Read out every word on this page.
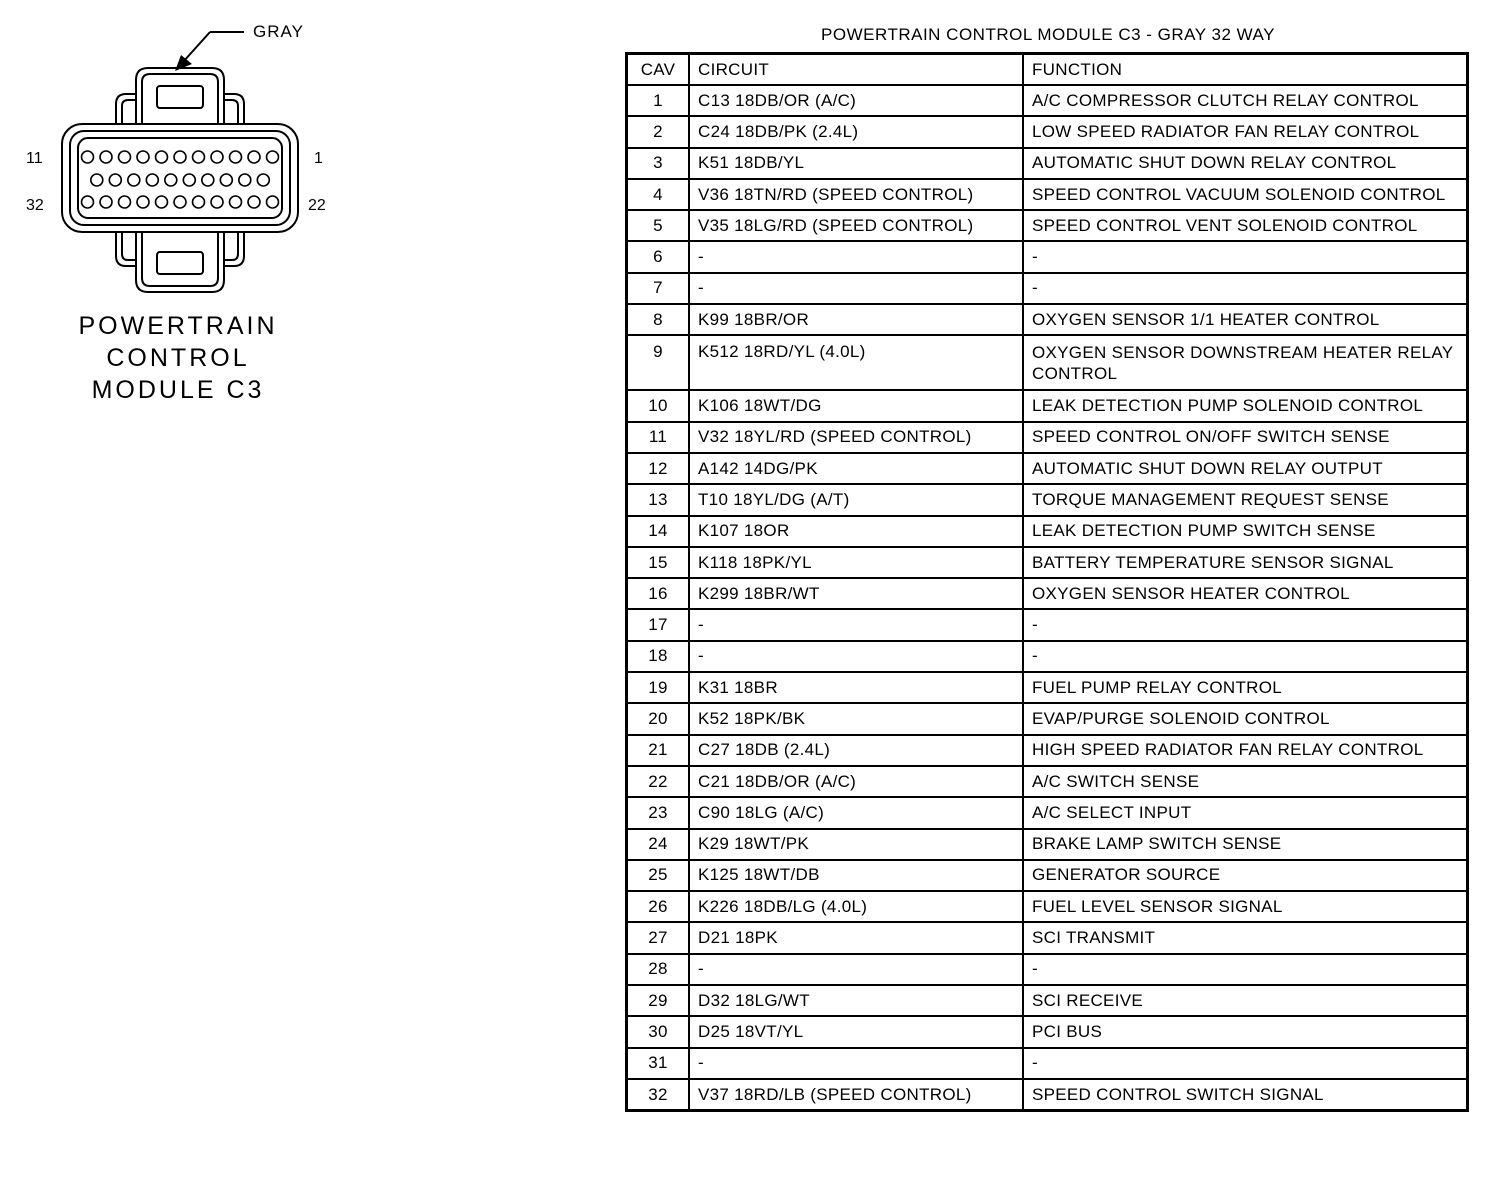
GRAY
11	1
32	22
POWERTRAIN
CONTROL
MODULE C3
POWERTRAIN CONTROL MODULE C3 - GRAY 32 WAY
CAV	CIRCUIT	FUNCTION
1	C13 18DB/OR (A/C)	A/C COMPRESSOR CLUTCH RELAY CONTROL
2	C24 18DB/PK (2.4L)	LOW SPEED RADIATOR FAN RELAY CONTROL
3	K51 18DB/YL	AUTOMATIC SHUT DOWN RELAY CONTROL
4	V36 18TN/RD (SPEED CONTROL)	SPEED CONTROL VACUUM SOLENOID CONTROL
5	V35 18LG/RD (SPEED CONTROL)	SPEED CONTROL VENT SOLENOID CONTROL
6	-	-
7	-	-
8	K99 18BR/OR	OXYGEN SENSOR 1/1 HEATER CONTROL
9	K512 18RD/YL (4.0L)	OXYGEN SENSOR DOWNSTREAM HEATER RELAY CONTROL
10	K106 18WT/DG	LEAK DETECTION PUMP SOLENOID CONTROL
11	V32 18YL/RD (SPEED CONTROL)	SPEED CONTROL ON/OFF SWITCH SENSE
12	A142 14DG/PK	AUTOMATIC SHUT DOWN RELAY OUTPUT
13	T10 18YL/DG (A/T)	TORQUE MANAGEMENT REQUEST SENSE
14	K107 18OR	LEAK DETECTION PUMP SWITCH SENSE
15	K118 18PK/YL	BATTERY TEMPERATURE SENSOR SIGNAL
16	K299 18BR/WT	OXYGEN SENSOR HEATER CONTROL
17	-	-
18	-	-
19	K31 18BR	FUEL PUMP RELAY CONTROL
20	K52 18PK/BK	EVAP/PURGE SOLENOID CONTROL
21	C27 18DB (2.4L)	HIGH SPEED RADIATOR FAN RELAY CONTROL
22	C21 18DB/OR (A/C)	A/C SWITCH SENSE
23	C90 18LG (A/C)	A/C SELECT INPUT
24	K29 18WT/PK	BRAKE LAMP SWITCH SENSE
25	K125 18WT/DB	GENERATOR SOURCE
26	K226 18DB/LG (4.0L)	FUEL LEVEL SENSOR SIGNAL
27	D21 18PK	SCI TRANSMIT
28	-	-
29	D32 18LG/WT	SCI RECEIVE
30	D25 18VT/YL	PCI BUS
31	-	-
32	V37 18RD/LB (SPEED CONTROL)	SPEED CONTROL SWITCH SIGNAL
